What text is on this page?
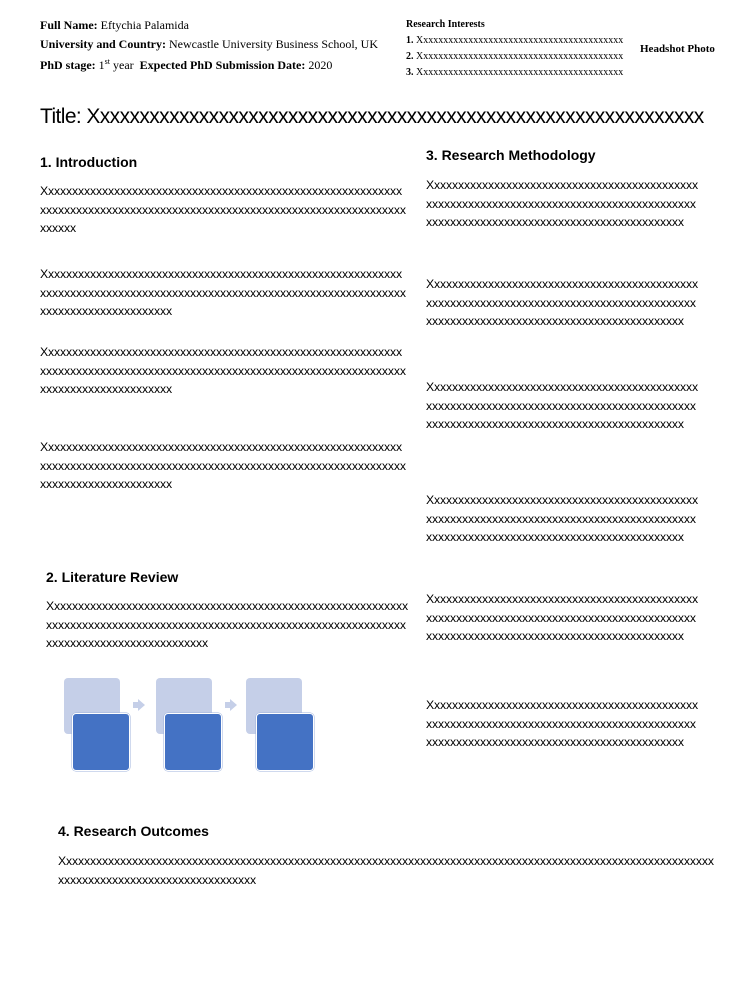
Full Name: Eftychia Palamida
University and Country: Newcastle University Business School, UK
PhD stage: 1st year Expected PhD Submission Date: 2020
Research Interests
1. Xxxxxxxxxxxxxxxxxxxxxxxxxxxxxxxxxxxxxxxxx
2. Xxxxxxxxxxxxxxxxxxxxxxxxxxxxxxxxxxxxxxxxx
3. Xxxxxxxxxxxxxxxxxxxxxxxxxxxxxxxxxxxxxxxxx
Headshot Photo
Title: Xxxxxxxxxxxxxxxxxxxxxxxxxxxxxxxxxxxxxxxxxxxxxxxxxxxxxxxxxxxxxx
1. Introduction
Xxxxxxxxxxxxxxxxxxxxxxxxxxxxxxxxxxxxxxxxxxxxxxxxxxxxxxxxxxxxxxxxxxxxxxxxxxxxxxxxxxxxxxxxxxxxxxxxxxxxxxxxxxxxxxxxxxxxxxxxxxxxxxx
Xxxxxxxxxxxxxxxxxxxxxxxxxxxxxxxxxxxxxxxxxxxxxxxxxxxxxxxxxxxxxxxxxxxxxxxxxxxxxxxxxxxxxxxxxxxxxxxxxxxxxxxxxxxxxxxxxxxxxxxxxxxxxxxxxxxxxxxxxxxxxxx
Xxxxxxxxxxxxxxxxxxxxxxxxxxxxxxxxxxxxxxxxxxxxxxxxxxxxxxxxxxxxxxxxxxxxxxxxxxxxxxxxxxxxxxxxxxxxxxxxxxxxxxxxxxxxxxxxxxxxxxxxxxxxxxxxxxxxxxxxxxxxxxx
Xxxxxxxxxxxxxxxxxxxxxxxxxxxxxxxxxxxxxxxxxxxxxxxxxxxxxxxxxxxxxxxxxxxxxxxxxxxxxxxxxxxxxxxxxxxxxxxxxxxxxxxxxxxxxxxxxxxxxxxxxxxxxxxxxxxxxxxxxxxxxxx
2. Literature Review
Xxxxxxxxxxxxxxxxxxxxxxxxxxxxxxxxxxxxxxxxxxxxxxxxxxxxxxxxxxxxxxxxxxxxxxxxxxxxxxxxxxxxxxxxxxxxxxxxxxxxxxxxxxxxxxxxxxxxxxxxxxxxxxxxxxxxxxxxxxxxxxxxxxx
3. Research Methodology
Xxxxxxxxxxxxxxxxxxxxxxxxxxxxxxxxxxxxxxxxxxxxxxxxxxxxxxxxxxxxxxxxxxxxxxxxxxxxxxxxxxxxxxxxxxxxxxxxxxxxxxxxxxxxxxxxxxxxxxxxxxxxxxxxxxxxx
Xxxxxxxxxxxxxxxxxxxxxxxxxxxxxxxxxxxxxxxxxxxxxxxxxxxxxxxxxxxxxxxxxxxxxxxxxxxxxxxxxxxxxxxxxxxxxxxxxxxxxxxxxxxxxxxxxxxxxxxxxxxxxxxxxxxxx
Xxxxxxxxxxxxxxxxxxxxxxxxxxxxxxxxxxxxxxxxxxxxxxxxxxxxxxxxxxxxxxxxxxxxxxxxxxxxxxxxxxxxxxxxxxxxxxxxxxxxxxxxxxxxxxxxxxxxxxxxxxxxxxxxxxxxx
Xxxxxxxxxxxxxxxxxxxxxxxxxxxxxxxxxxxxxxxxxxxxxxxxxxxxxxxxxxxxxxxxxxxxxxxxxxxxxxxxxxxxxxxxxxxxxxxxxxxxxxxxxxxxxxxxxxxxxxxxxxxxxxxxxxxxx
Xxxxxxxxxxxxxxxxxxxxxxxxxxxxxxxxxxxxxxxxxxxxxxxxxxxxxxxxxxxxxxxxxxxxxxxxxxxxxxxxxxxxxxxxxxxxxxxxxxxxxxxxxxxxxxxxxxxxxxxxxxxxxxxxxxxxx
Xxxxxxxxxxxxxxxxxxxxxxxxxxxxxxxxxxxxxxxxxxxxxxxxxxxxxxxxxxxxxxxxxxxxxxxxxxxxxxxxxxxxxxxxxxxxxxxxxxxxxxxxxxxxxxxxxxxxxxxxxxxxxxxxxxxxx
4. Research Outcomes
Xxxxxxxxxxxxxxxxxxxxxxxxxxxxxxxxxxxxxxxxxxxxxxxxxxxxxxxxxxxxxxxxxxxxxxxxxxxxxxxxxxxxxxxxxxxxxxxxxxxxxxxxxxxxxxxxxxxxxxxxxxxxxxxxxxxxxxxxxxxxxx
